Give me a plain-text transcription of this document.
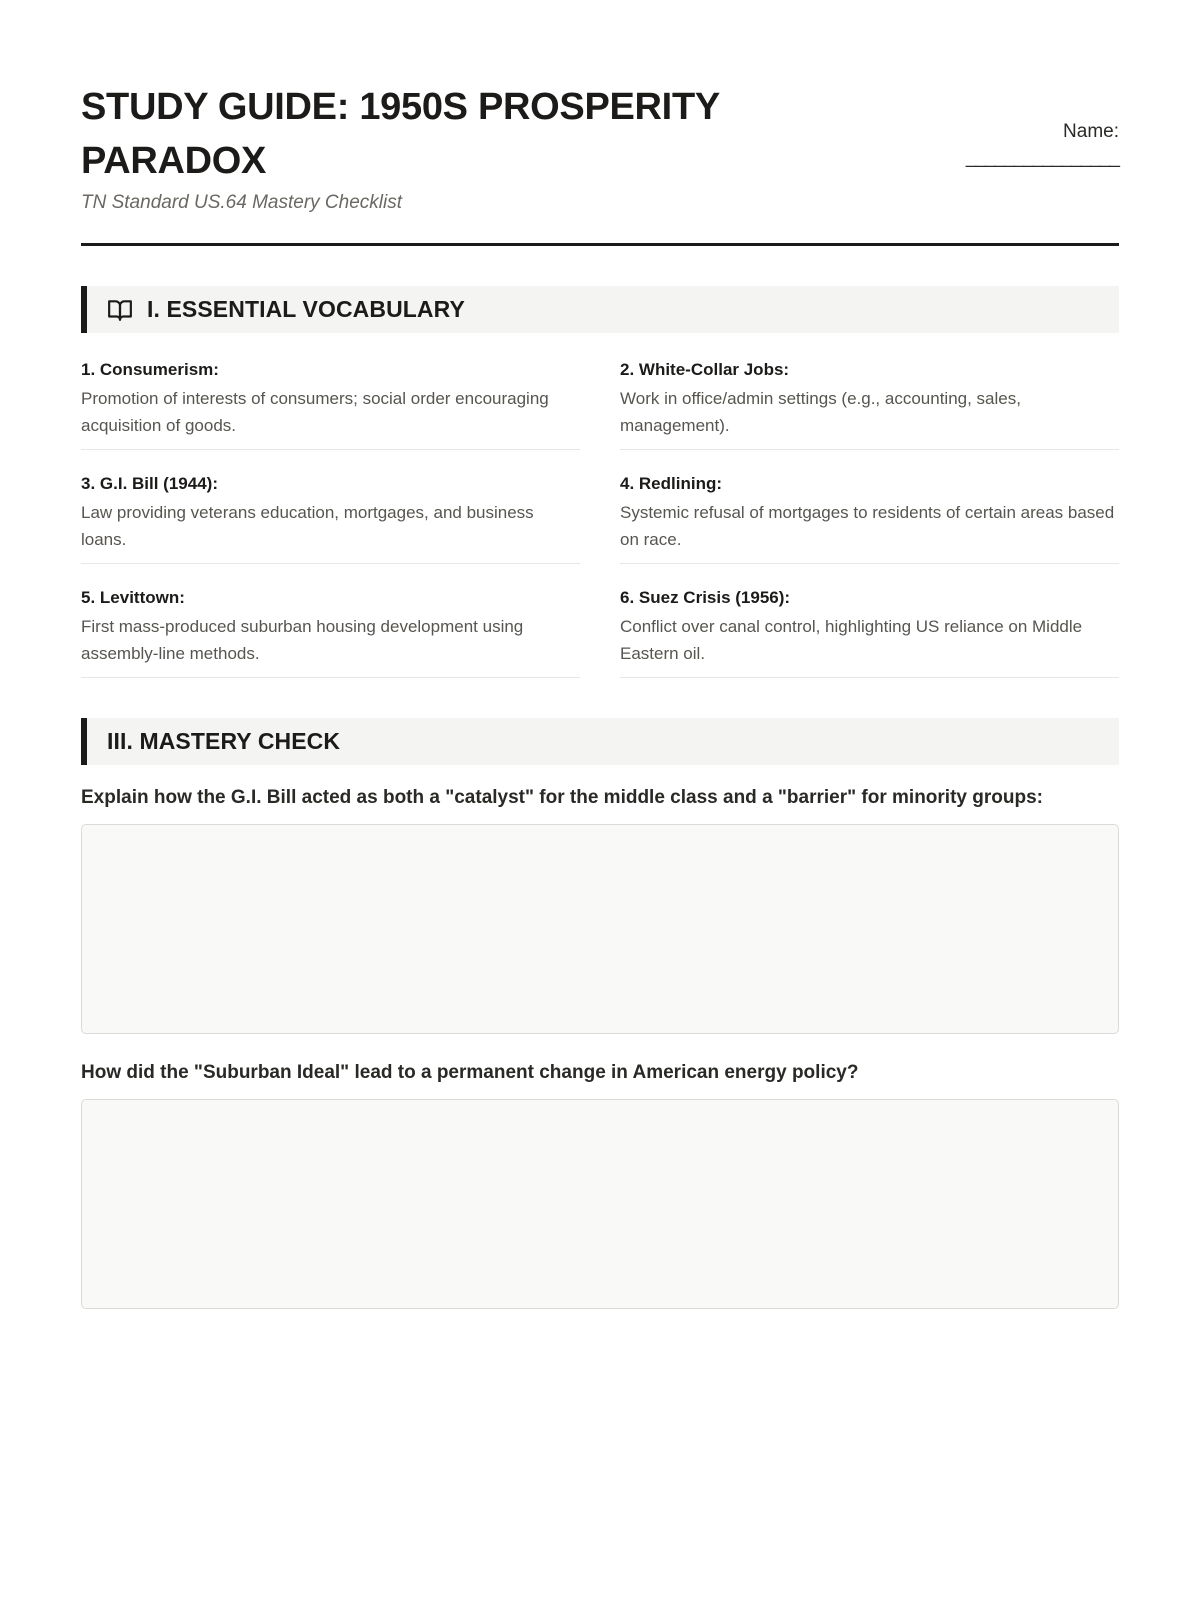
STUDY GUIDE: 1950S PROSPERITY PARADOX
TN Standard US.64 Mastery Checklist
Name:
________________
I. ESSENTIAL VOCABULARY
1. Consumerism:
Promotion of interests of consumers; social order encouraging acquisition of goods.
2. White-Collar Jobs:
Work in office/admin settings (e.g., accounting, sales, management).
3. G.I. Bill (1944):
Law providing veterans education, mortgages, and business loans.
4. Redlining:
Systemic refusal of mortgages to residents of certain areas based on race.
5. Levittown:
First mass-produced suburban housing development using assembly-line methods.
6. Suez Crisis (1956):
Conflict over canal control, highlighting US reliance on Middle Eastern oil.
III. MASTERY CHECK
Explain how the G.I. Bill acted as both a "catalyst" for the middle class and a "barrier" for minority groups:
How did the "Suburban Ideal" lead to a permanent change in American energy policy?
